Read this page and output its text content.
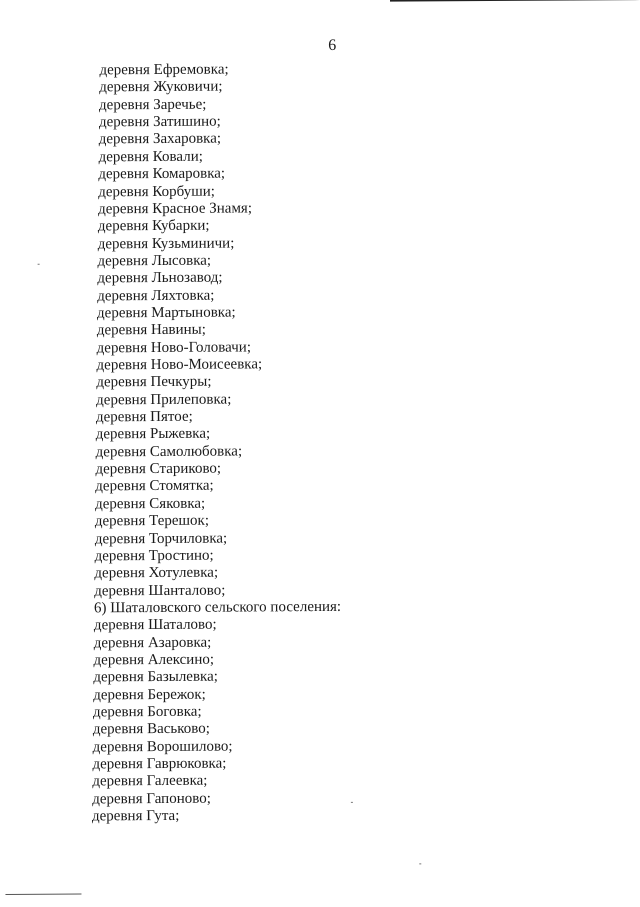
6
деревня Ефремовка;
деревня Жуковичи;
деревня Заречье;
деревня Затишино;
деревня Захаровка;
деревня Ковали;
деревня Комаровка;
деревня Корбуши;
деревня Красное Знамя;
деревня Кубарки;
деревня Кузьминичи;
деревня Лысовка;
деревня Льнозавод;
деревня Ляхтовка;
деревня Мартыновка;
деревня Навины;
деревня Ново-Головачи;
деревня Ново-Моисеевка;
деревня Печкуры;
деревня Прилеповка;
деревня Пятое;
деревня Рыжевка;
деревня Самолюбовка;
деревня Стариково;
деревня Стомятка;
деревня Сяковка;
деревня Терешок;
деревня Торчиловка;
деревня Тростино;
деревня Хотулевка;
деревня Шанталово;
6) Шаталовского сельского поселения:
деревня Шаталово;
деревня Азаровка;
деревня Алексино;
деревня Базылевка;
деревня Бережок;
деревня Боговка;
деревня Васьково;
деревня Ворошилово;
деревня Гаврюковка;
деревня Галеевка;
деревня Гапоново;
деревня Гута;
